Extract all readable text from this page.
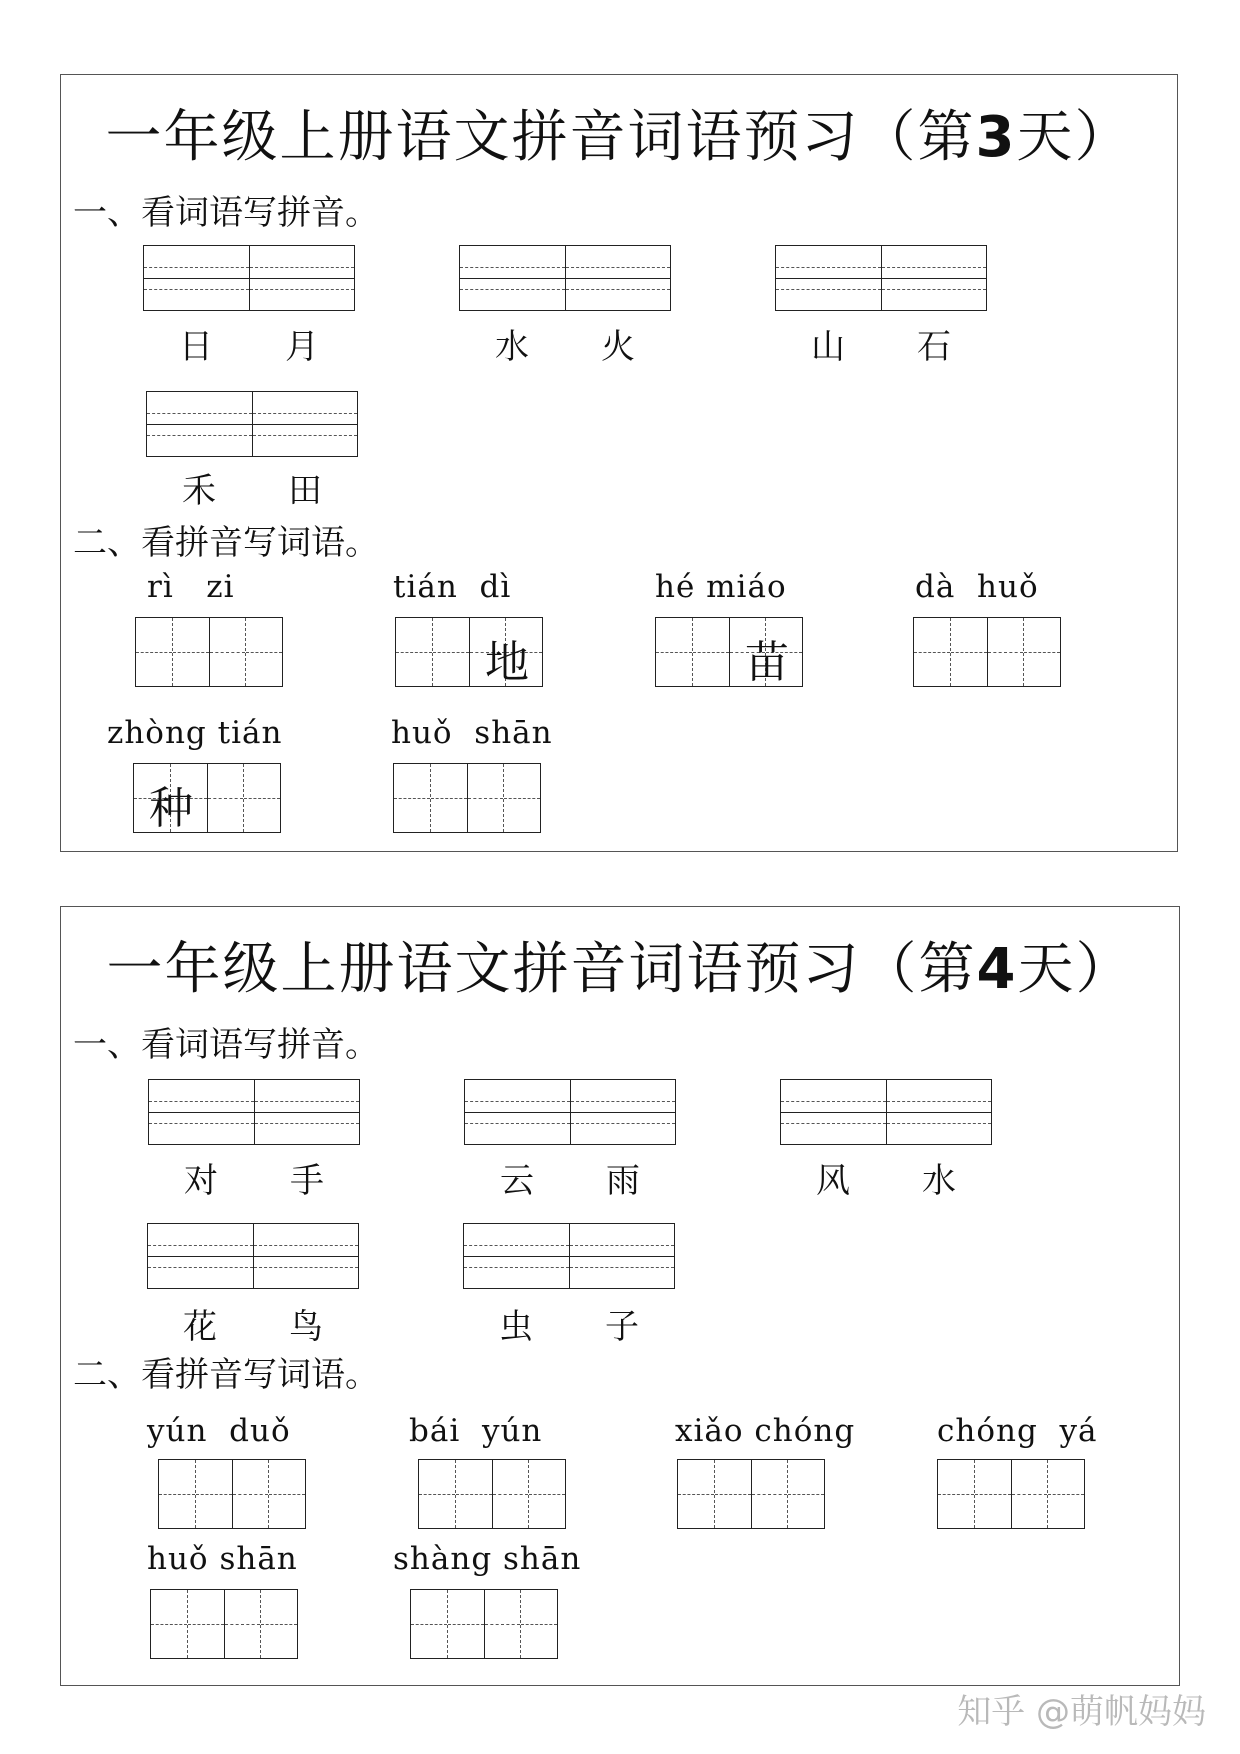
一年级上册语文拼音词语预习（第3天）
一、看词语写拼音。
日 月	水 火	山 石
禾 田
二、看拼音写词语。
rì   zi	tián  dì
地
hé miáo
苗
dà  huǒ
zhòng tián
种
huǒ  shān
一年级上册语文拼音词语预习（第4天）
一、看词语写拼音。
对 手	云 雨	风 水
花 鸟	虫 子
二、看拼音写词语。
yún  duǒ	bái  yún	xiǎo chóng	chóng  yá
huǒ shān	shàng shān
知乎 @萌帆妈妈
